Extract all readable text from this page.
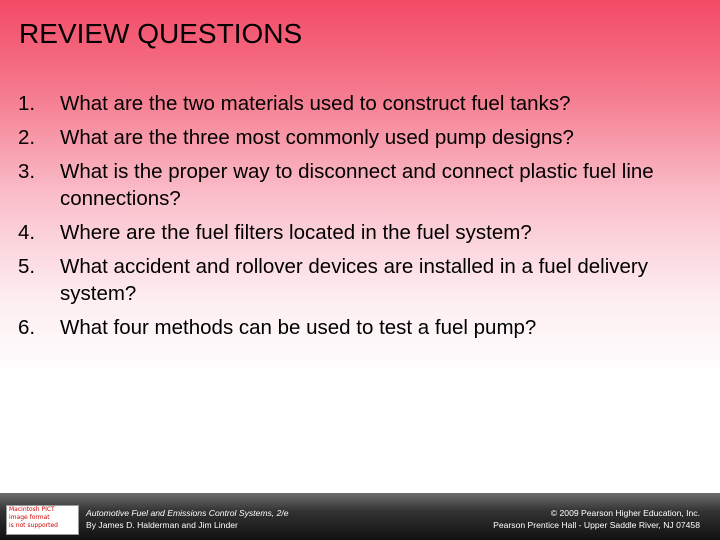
REVIEW QUESTIONS
1.	What are the two materials used to construct fuel tanks?
2.	What are the three most commonly used pump designs?
3.	What is the proper way to disconnect and connect plastic fuel line connections?
4.	Where are the fuel filters located in the fuel system?
5.	What accident and rollover devices are installed in a fuel delivery system?
6.	What four methods can be used to test a fuel pump?
Macintosh PICT
image format
is not supported
Automotive Fuel and Emissions Control Systems, 2/e
By James D. Halderman and Jim Linder
© 2009 Pearson Higher Education, Inc.
Pearson Prentice Hall - Upper Saddle River, NJ 07458
